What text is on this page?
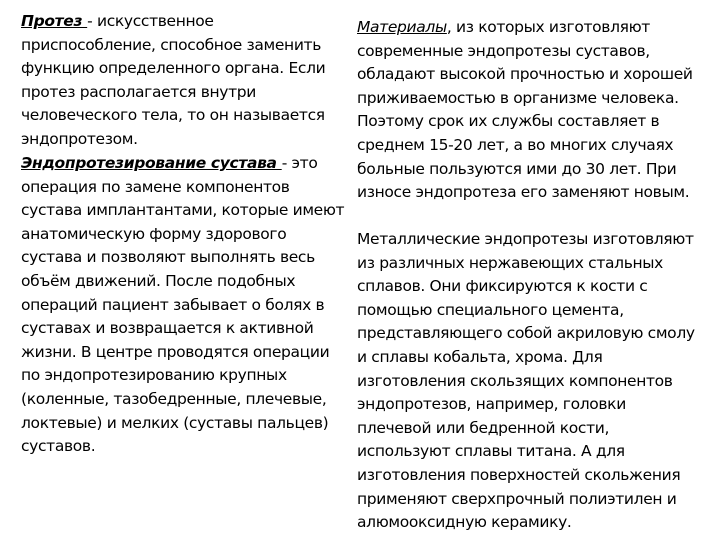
Протез - искусственное приспособление, способное заменить функцию определенного органа. Если протез располагается внутри человеческого тела, то он называется эндопротезом.

Эндопротезирование сустава - это операция по замене компонентов сустава имплантантами, которые имеют анатомическую форму здорового сустава и позволяют выполнять весь объём движений. После подобных операций пациент забывает о болях в суставах и возвращается к активной жизни. В центре проводятся операции по эндопротезированию крупных (коленные, тазобедренные, плечевые, локтевые) и мелких (суставы пальцев) суставов.

Материалы, из которых изготовляют современные эндопротезы суставов, обладают высокой прочностью и хорошей приживаемостью в организме человека. Поэтому срок их службы составляет в среднем 15-20 лет, а во многих случаях больные пользуются ими до 30 лет. При износе эндопротеза его заменяют новым.

Металлические эндопротезы изготовляют из различных нержавеющих стальных сплавов. Они фиксируются к кости с помощью специального цемента, представляющего собой акриловую смолу и сплавы кобальта, хрома. Для изготовления скользящих компонентов эндопротезов, например, головки плечевой или бедренной кости, используют сплавы титана. А для изготовления поверхностей скольжения применяют сверхпрочный полиэтилен и алюмооксидную керамику.
